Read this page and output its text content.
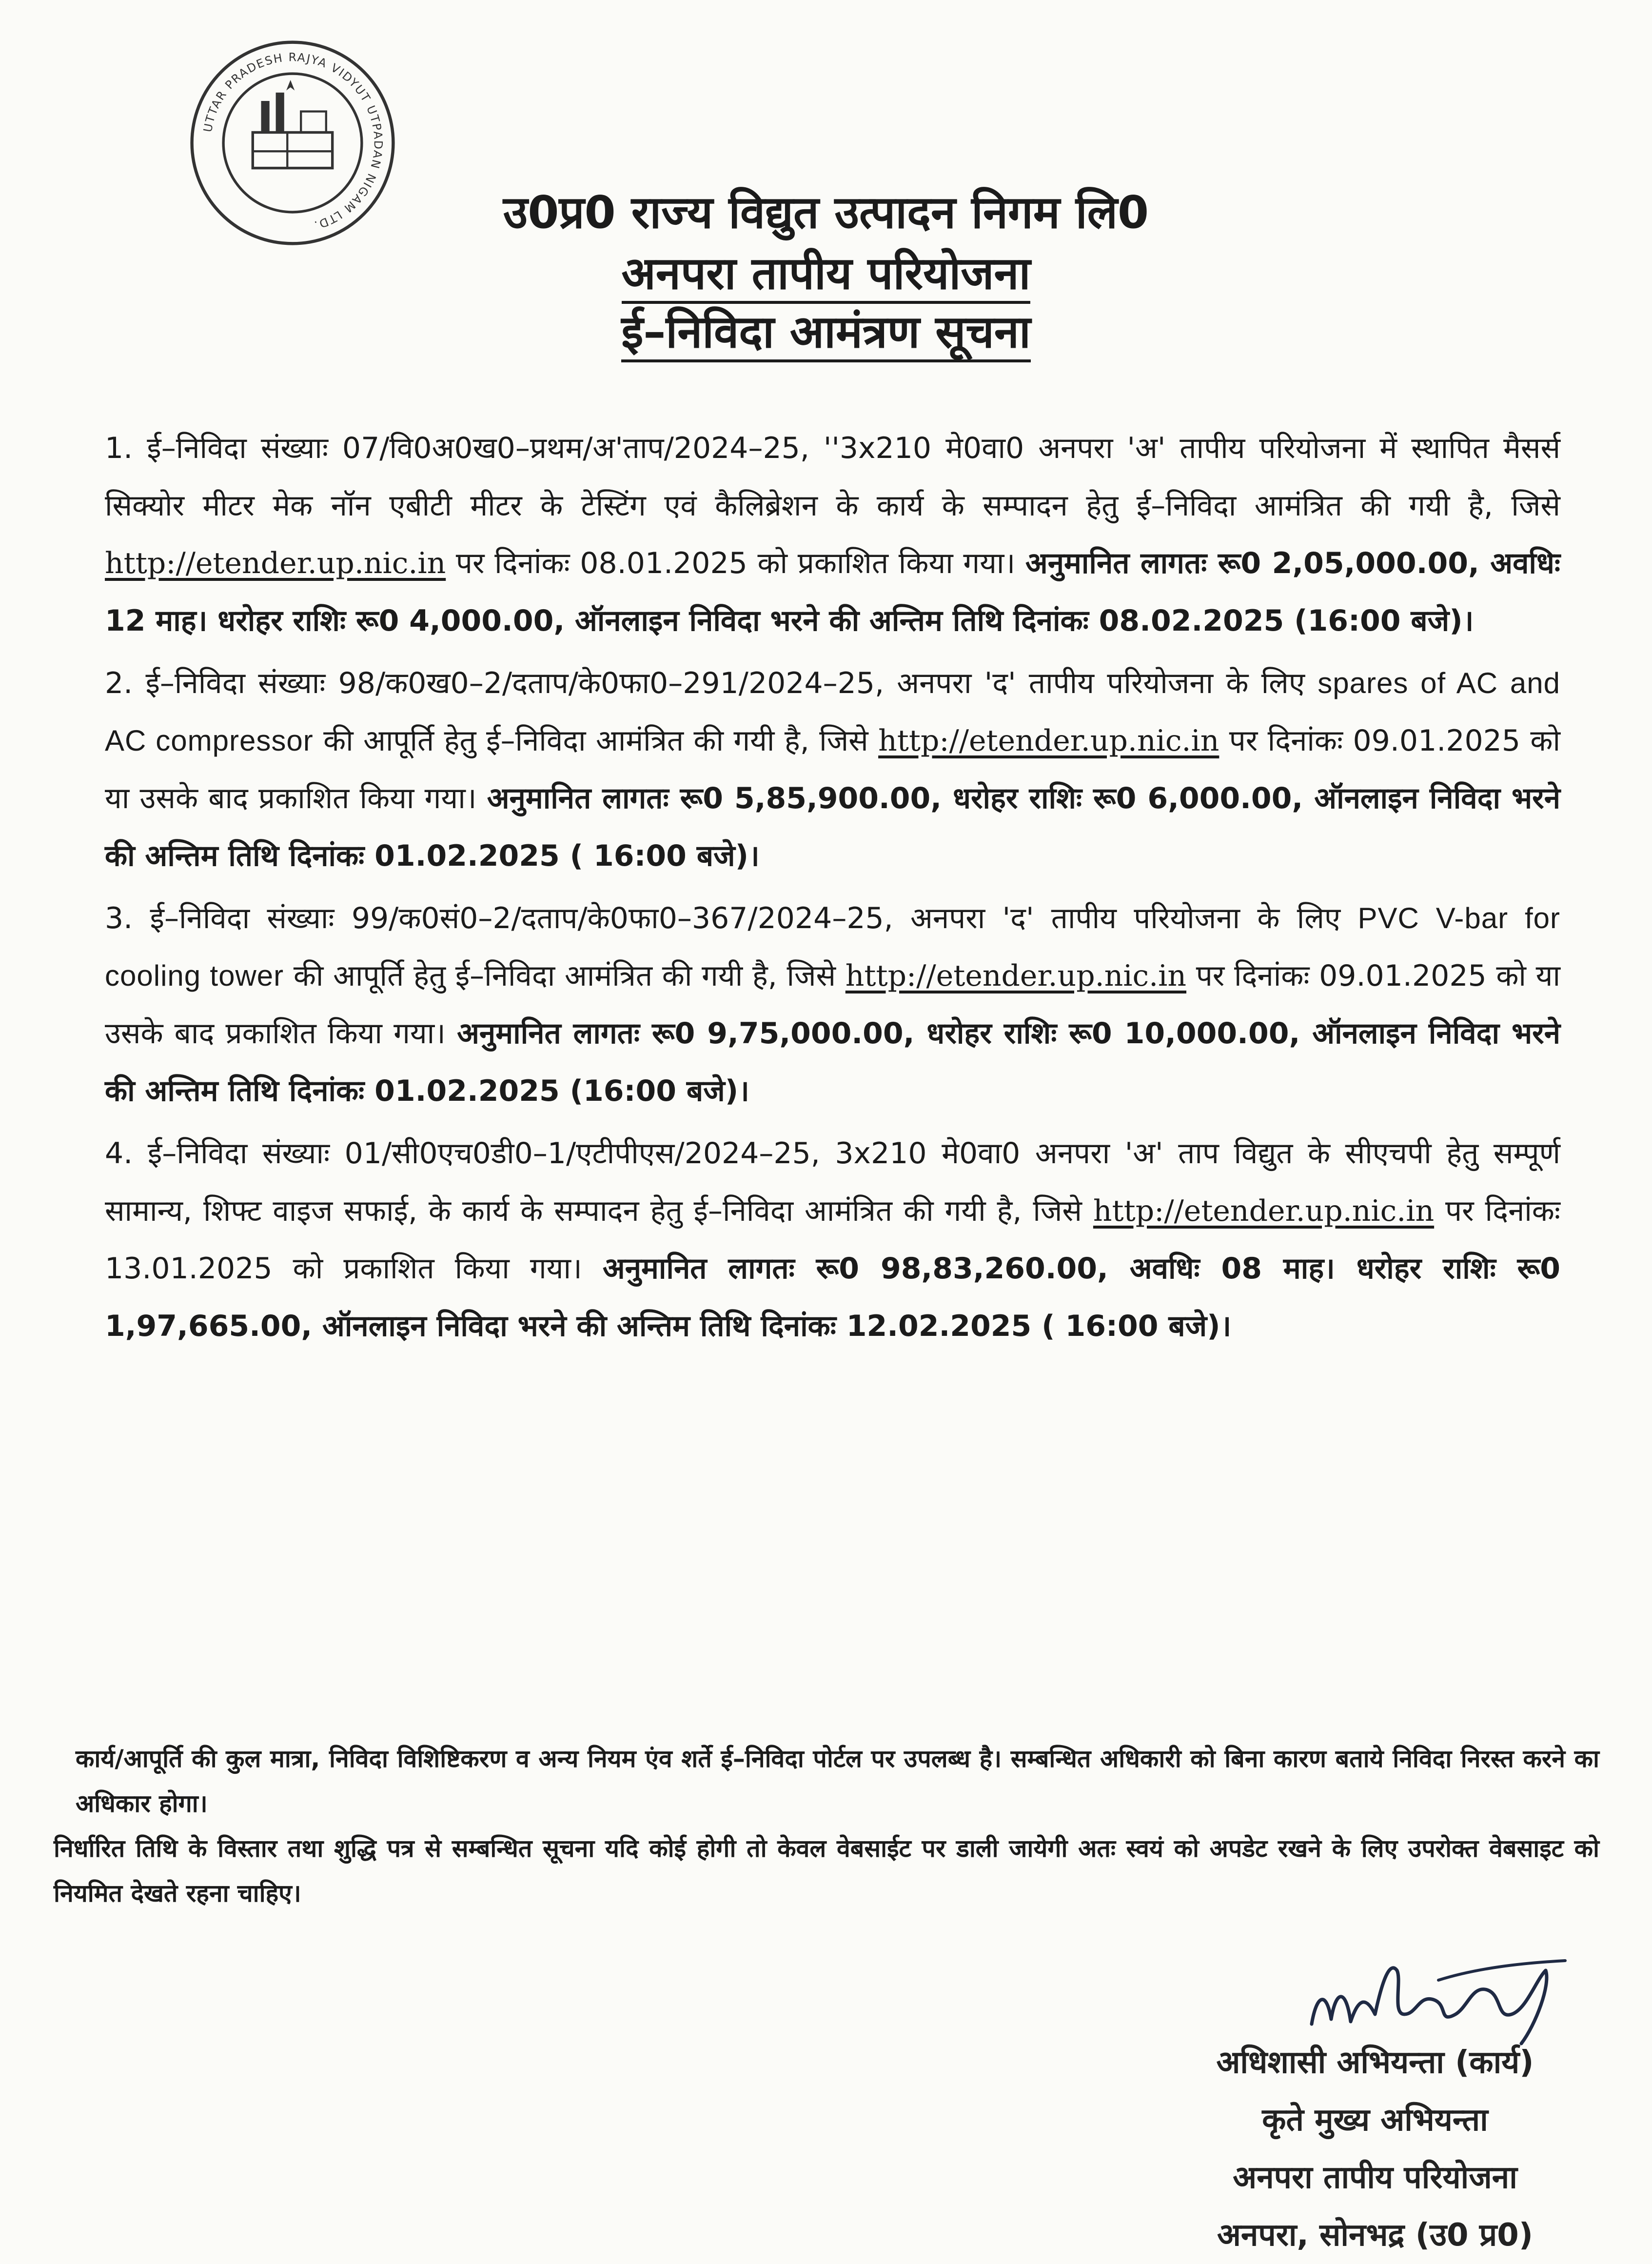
UTTAR PRADESH RAJYA VIDYUT UTPADAN NIGAM LTD.	उ0प्र0 राज्य विद्युत उत्पादन निगम लि0
अनपरा तापीय परियोजना
ई–निविदा आमंत्रण सूचना

1. ई–निविदा संख्याः 07/वि0अ0ख0–प्रथम/अ'ताप/2024–25, ''3x210 मे0वा0 अनपरा 'अ' तापीय परियोजना में स्थापित मैसर्स सिक्योर मीटर मेक नॉन एबीटी मीटर के टेस्टिंग एवं कैलिब्रेशन के कार्य के सम्पादन हेतु ई–निविदा आमंत्रित की गयी है, जिसे http://etender.up.nic.in पर दिनांकः 08.01.2025 को प्रकाशित किया गया। अनुमानित लागतः रू0 2,05,000.00, अवधिः 12 माह। धरोहर राशिः रू0 4,000.00, ऑनलाइन निविदा भरने की अन्तिम तिथि दिनांकः 08.02.2025 (16:00 बजे)।

2. ई–निविदा संख्याः 98/क0ख0–2/दताप/के0फा0–291/2024–25, अनपरा 'द' तापीय परियोजना के लिए spares of AC and AC compressor की आपूर्ति हेतु ई–निविदा आमंत्रित की गयी है, जिसे http://etender.up.nic.in पर दिनांकः 09.01.2025 को या उसके बाद प्रकाशित किया गया। अनुमानित लागतः रू0 5,85,900.00, धरोहर राशिः रू0 6,000.00, ऑनलाइन निविदा भरने की अन्तिम तिथि दिनांकः 01.02.2025 ( 16:00 बजे)।

3. ई–निविदा संख्याः 99/क0सं0–2/दताप/के0फा0–367/2024–25, अनपरा 'द' तापीय परियोजना के लिए PVC V-bar for cooling tower की आपूर्ति हेतु ई–निविदा आमंत्रित की गयी है, जिसे http://etender.up.nic.in पर दिनांकः 09.01.2025 को या उसके बाद प्रकाशित किया गया। अनुमानित लागतः रू0 9,75,000.00, धरोहर राशिः रू0 10,000.00, ऑनलाइन निविदा भरने की अन्तिम तिथि दिनांकः 01.02.2025 (16:00 बजे)।

4. ई–निविदा संख्याः 01/सी0एच0डी0–1/एटीपीएस/2024–25, 3x210 मे0वा0 अनपरा 'अ' ताप विद्युत के सीएचपी हेतु सम्पूर्ण सामान्य, शिफ्ट वाइज सफाई, के कार्य के सम्पादन हेतु ई–निविदा आमंत्रित की गयी है, जिसे http://etender.up.nic.in पर दिनांकः 13.01.2025 को प्रकाशित किया गया। अनुमानित लागतः रू0 98,83,260.00, अवधिः 08 माह। धरोहर राशिः रू0 1,97,665.00, ऑनलाइन निविदा भरने की अन्तिम तिथि दिनांकः 12.02.2025 ( 16:00 बजे)।

कार्य/आपूर्ति की कुल मात्रा, निविदा विशिष्टिकरण व अन्य नियम एंव शर्ते ई–निविदा पोर्टल पर उपलब्ध है। सम्बन्धित अधिकारी को बिना कारण बताये निविदा निरस्त करने का अधिकार होगा।

निर्धारित तिथि के विस्तार तथा शुद्धि पत्र से सम्बन्धित सूचना यदि कोई होगी तो केवल वेबसाईट पर डाली जायेगी अतः स्वयं को अपडेट रखने के लिए उपरोक्त वेबसाइट को नियमित देखते रहना चाहिए।

अधिशासी अभियन्ता (कार्य)
कृते मुख्य अभियन्ता
अनपरा तापीय परियोजना
अनपरा, सोनभद्र (उ0 प्र0)
